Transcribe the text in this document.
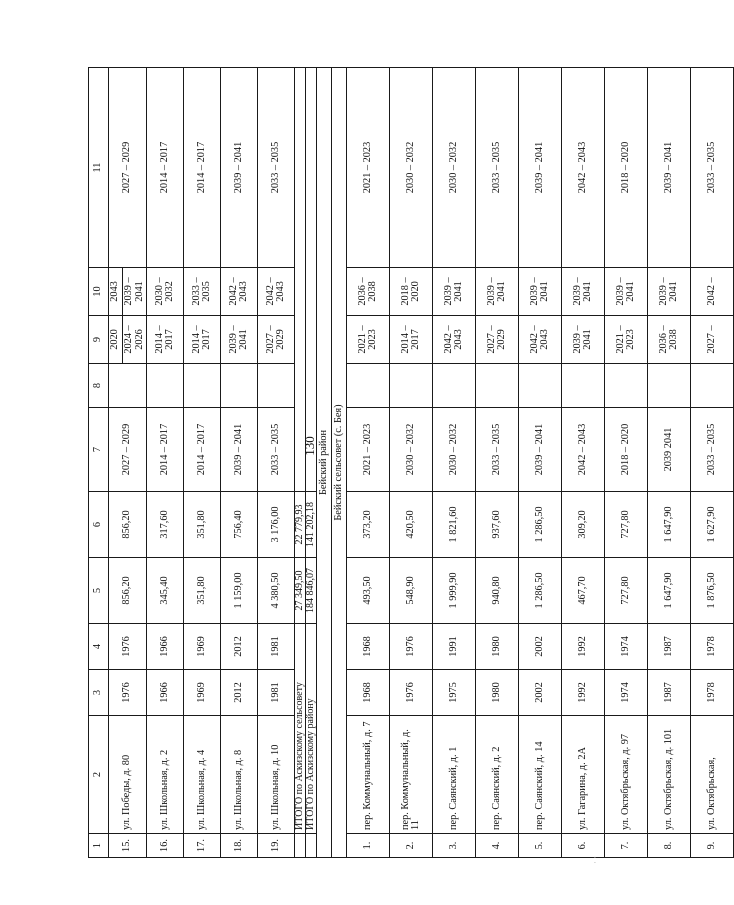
130
1	2	3	4	5	6	7	8	9	10	11
15.	ул. Победы, д. 80	1976	1976	856,20	856,20	2027 – 2029		2020 2024 – 2026	2043 2039 – 2041	2027 – 2029
16.	ул. Школьная, д. 2	1966	1966	345,40	317,60	2014 – 2017		2014 – 2017	2030 – 2032	2014 – 2017
17.	ул. Школьная, д. 4	1969	1969	351,80	351,80	2014 – 2017		2014 – 2017	2033 – 2035	2014 – 2017
18.	ул. Школьная, д. 8	2012	2012	1 159,00	756,40	2039 – 2041		2039 – 2041	2042 – 2043	2039 – 2041
19.	ул. Школьная, д. 10	1981	1981	4 380,50	3 176,00	2033 – 2035		2027 – 2029	2042 – 2043	2033 – 2035
	ИТОГО по Аскизскому сельсовету			27 349,50	22 779,93					
	ИТОГО по Аскизскому району			184 846,07	141 202,18					
Бейский район										
Бейский сельсовет (с. Бея)										
1.	пер. Коммунальный, д. 7	1968	1968	493,50	373,20	2021 – 2023		2021 – 2023	2036 – 2038	2021 – 2023
2.	пер. Коммунальный, д. 11	1976	1976	548,90	420,50	2030 – 2032		2014 – 2017	2018 – 2020	2030 – 2032
3.	пер. Саянский, д. 1	1975	1991	1 999,90	1 821,60	2030 – 2032		2042 – 2043	2039 – 2041	2030 – 2032
4.	пер. Саянский, д. 2	1980	1980	940,80	937,60	2033 – 2035		2027 – 2029	2039 – 2041	2033 – 2035
5.	пер. Саянский, д. 14	2002	2002	1 286,50	1 286,50	2039 – 2041		2042 – 2043	2039 – 2041	2039 – 2041
6.	ул. Гагарина, д. 2А	1992	1992	467,70	309,20	2042 – 2043		2039 – 2041	2039 – 2041	2042 – 2043
7.	ул. Октябрьская, д. 97	1974	1974	727,80	727,80	2018 – 2020		2021 – 2023	2039 – 2041	2018 – 2020
8.	ул. Октябрьская, д. 101	1987	1987	1 647,90	1 647,90	2039 2041		2036 – 2038	2039 – 2041	2039 – 2041
9.	ул. Октябрьская,	1978	1978	1 876,50	1 627,90	2033 – 2035		2027 –	2042 –	2033 – 2035
· ·
